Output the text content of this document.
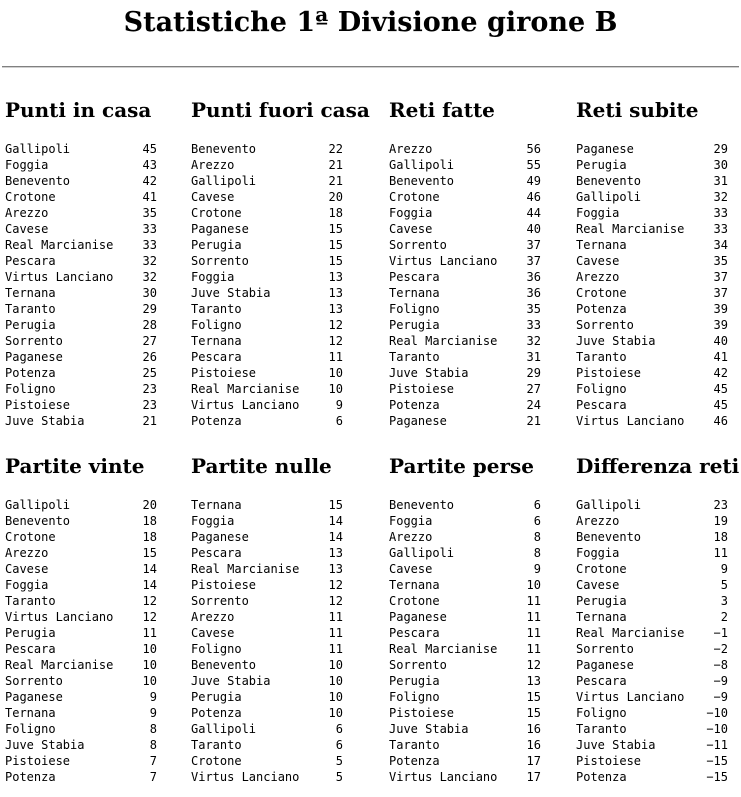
Statistiche 1ª Divisione girone B
Punti in casa
Gallipoli	45
Foggia	43
Benevento	42
Crotone	41
Arezzo	35
Cavese	33
Real Marcianise 33
Pescara	32
Virtus Lanciano 32
Ternana	30
Taranto	29
Perugia	28
Sorrento	27
Paganese	26
Potenza	25
Foligno	23
Pistoiese	23
Juve Stabia	21
Punti fuori casa
Benevento	22
Arezzo	21
Gallipoli	21
Cavese	20
Crotone	18
Paganese	15
Perugia	15
Sorrento	15
Foggia	13
Juve Stabia	13
Taranto	13
Foligno	12
Ternana	12
Pescara	11
Pistoiese	10
Real Marcianise 10
Virtus Lanciano	9
Potenza	6
Reti fatte
Arezzo	56
Gallipoli	55
Benevento	49
Crotone	46
Foggia	44
Cavese	40
Sorrento	37
Virtus Lanciano 37
Pescara	36
Ternana	36
Foligno	35
Perugia	33
Real Marcianise 32
Taranto	31
Juve Stabia	29
Pistoiese	27
Potenza	24
Paganese	21
Reti subite
Paganese	29
Perugia	30
Benevento	31
Gallipoli	32
Foggia	33
Real Marcianise 33
Ternana	34
Cavese	35
Arezzo	37
Crotone	37
Potenza	39
Sorrento	39
Juve Stabia	40
Taranto	41
Pistoiese	42
Foligno	45
Pescara	45
Virtus Lanciano 46
Partite vinte
Gallipoli	20
Benevento	18
Crotone	18
Arezzo	15
Cavese	14
Foggia	14
Taranto	12
Virtus Lanciano 12
Perugia	11
Pescara	10
Real Marcianise 10
Sorrento	10
Paganese	9
Ternana	9
Foligno	8
Juve Stabia	8
Pistoiese	7
Potenza	7
Partite nulle
Ternana	15
Foggia	14
Paganese	14
Pescara	13
Real Marcianise 13
Pistoiese	12
Sorrento	12
Arezzo	11
Cavese	11
Foligno	11
Benevento	10
Juve Stabia	10
Perugia	10
Potenza	10
Gallipoli	6
Taranto	6
Crotone	5
Virtus Lanciano	5
Partite perse
Benevento	6
Foggia	6
Arezzo	8
Gallipoli	8
Cavese	9
Ternana	10
Crotone	11
Paganese	11
Pescara	11
Real Marcianise 11
Sorrento	12
Perugia	13
Foligno	15
Pistoiese	15
Juve Stabia	16
Taranto	16
Potenza	17
Virtus Lanciano 17
Differenza reti
Gallipoli	23
Arezzo	19
Benevento	18
Foggia	11
Crotone	9
Cavese	5
Perugia	3
Ternana	2
Real Marcianise −1
Sorrento	−2
Paganese	−8
Pescara	−9
Virtus Lanciano −9
Foligno	−10
Taranto	−10
Juve Stabia	−11
Pistoiese	−15
Potenza	−15
